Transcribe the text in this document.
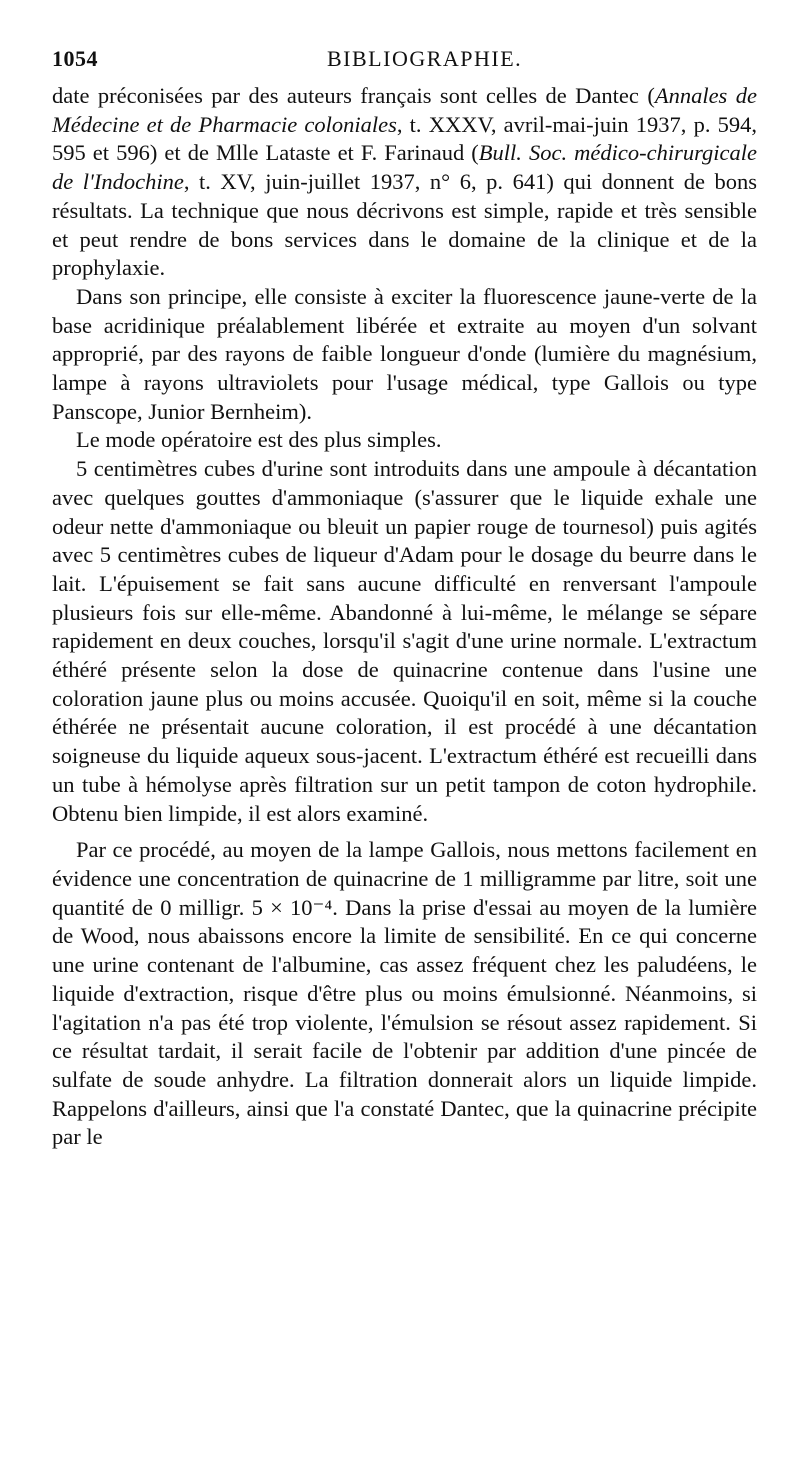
1054	BIBLIOGRAPHIE.

date préconisées par des auteurs français sont celles de Dantec (Annales de Médecine et de Pharmacie coloniales, t. XXXV, avril-mai-juin 1937, p. 594, 595 et 596) et de Mlle Lataste et F. Farinaud (Bull. Soc. médico-chirurgicale de l'Indochine, t. XV, juin-juillet 1937, n° 6, p. 641) qui donnent de bons résultats. La technique que nous décrivons est simple, rapide et très sensible et peut rendre de bons services dans le domaine de la clinique et de la prophylaxie.

Dans son principe, elle consiste à exciter la fluorescence jaune-verte de la base acridinique préalablement libérée et extraite au moyen d'un solvant approprié, par des rayons de faible longueur d'onde (lumière du magnésium, lampe à rayons ultraviolets pour l'usage médical, type Gallois ou type Panscope, Junior Bernheim).

Le mode opératoire est des plus simples.

5 centimètres cubes d'urine sont introduits dans une ampoule à décantation avec quelques gouttes d'ammoniaque (s'assurer que le liquide exhale une odeur nette d'ammoniaque ou bleuit un papier rouge de tournesol) puis agités avec 5 centimètres cubes de liqueur d'Adam pour le dosage du beurre dans le lait. L'épuisement se fait sans aucune difficulté en renversant l'ampoule plusieurs fois sur elle-même. Abandonné à lui-même, le mélange se sépare rapidement en deux couches, lorsqu'il s'agit d'une urine normale. L'extractum éthéré présente selon la dose de quinacrine contenue dans l'usine une coloration jaune plus ou moins accusée. Quoiqu'il en soit, même si la couche éthérée ne présentait aucune coloration, il est procédé à une décantation soigneuse du liquide aqueux sous-jacent. L'extractum éthéré est recueilli dans un tube à hémolyse après filtration sur un petit tampon de coton hydrophile. Obtenu bien limpide, il est alors examiné.

Par ce procédé, au moyen de la lampe Gallois, nous mettons facilement en évidence une concentration de quinacrine de 1 milligramme par litre, soit une quantité de 0 milligr. 5 × 10⁻⁴. Dans la prise d'essai au moyen de la lumière de Wood, nous abaissons encore la limite de sensibilité. En ce qui concerne une urine contenant de l'albumine, cas assez fréquent chez les paludéens, le liquide d'extraction, risque d'être plus ou moins émulsionné. Néanmoins, si l'agitation n'a pas été trop violente, l'émulsion se résout assez rapidement. Si ce résultat tardait, il serait facile de l'obtenir par addition d'une pincée de sulfate de soude anhydre. La filtration donnerait alors un liquide limpide. Rappelons d'ailleurs, ainsi que l'a constaté Dantec, que la quinacrine précipite par le
